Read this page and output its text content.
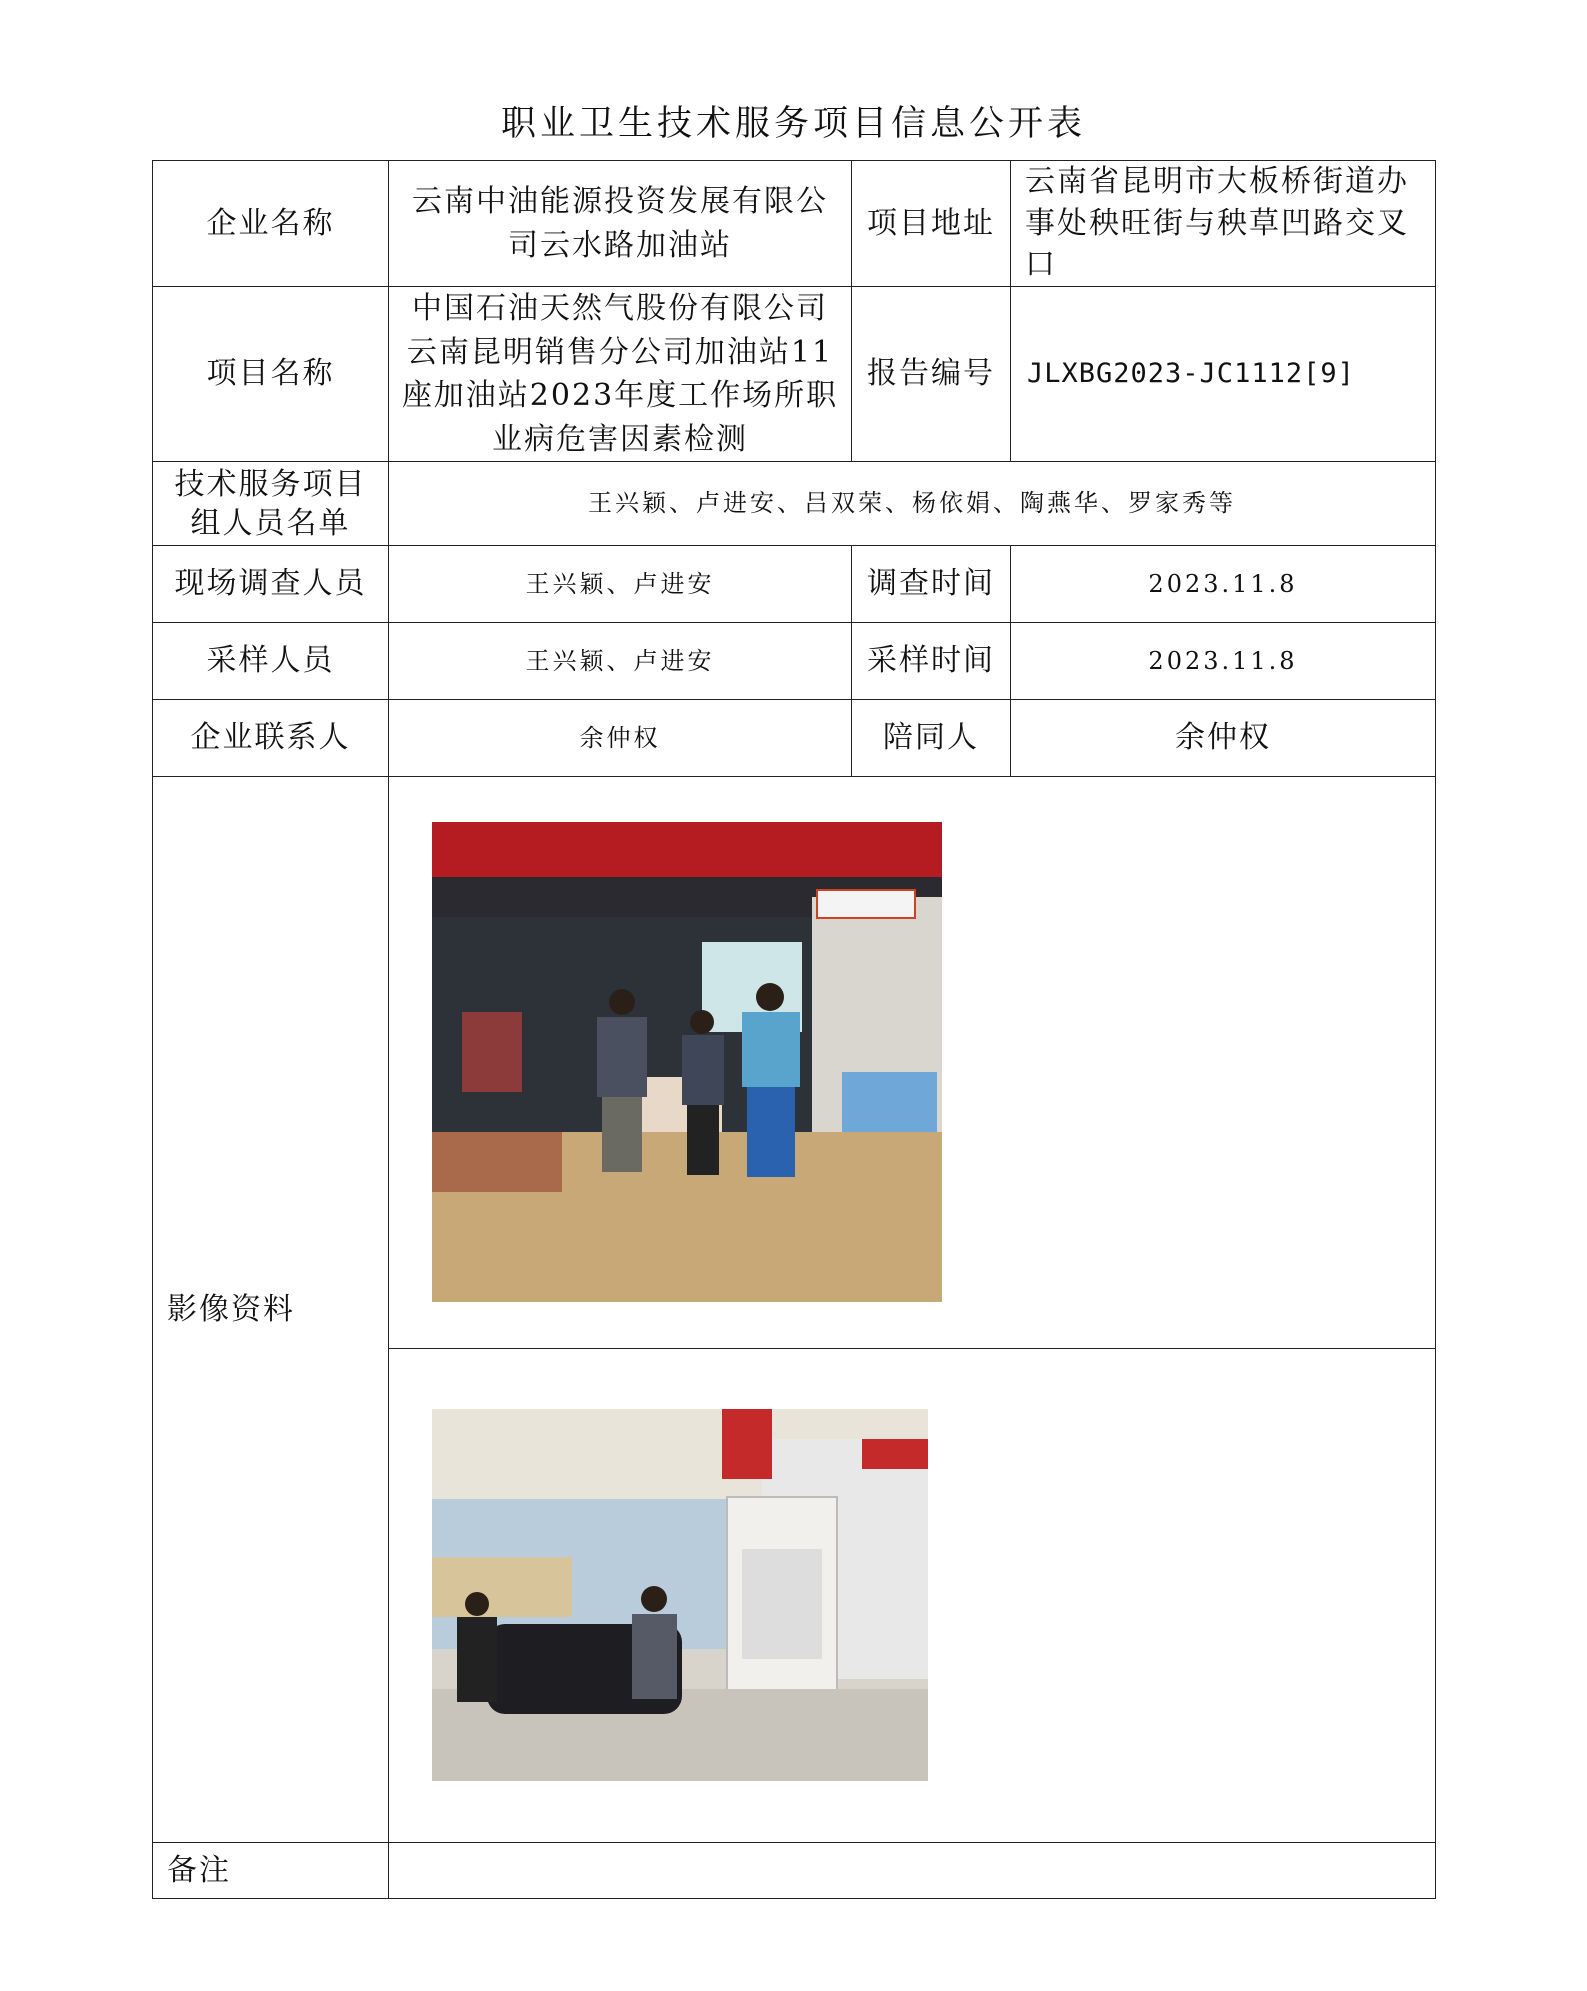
职业卫生技术服务项目信息公开表
企业名称	云南中油能源投资发展有限公司云水路加油站	项目地址	云南省昆明市大板桥街道办事处秧旺街与秧草凹路交叉口
项目名称	中国石油天然气股份有限公司云南昆明销售分公司加油站11座加油站2023年度工作场所职业病危害因素检测	报告编号	JLXBG2023-JC1112[9]
技术服务项目组人员名单	王兴颖、卢进安、吕双荣、杨依娟、陶燕华、罗家秀等		
现场调查人员	王兴颖、卢进安	调查时间	2023.11.8
采样人员	王兴颖、卢进安	采样时间	2023.11.8
企业联系人	余仲权	陪同人	余仲权
影像资料	

备注			
